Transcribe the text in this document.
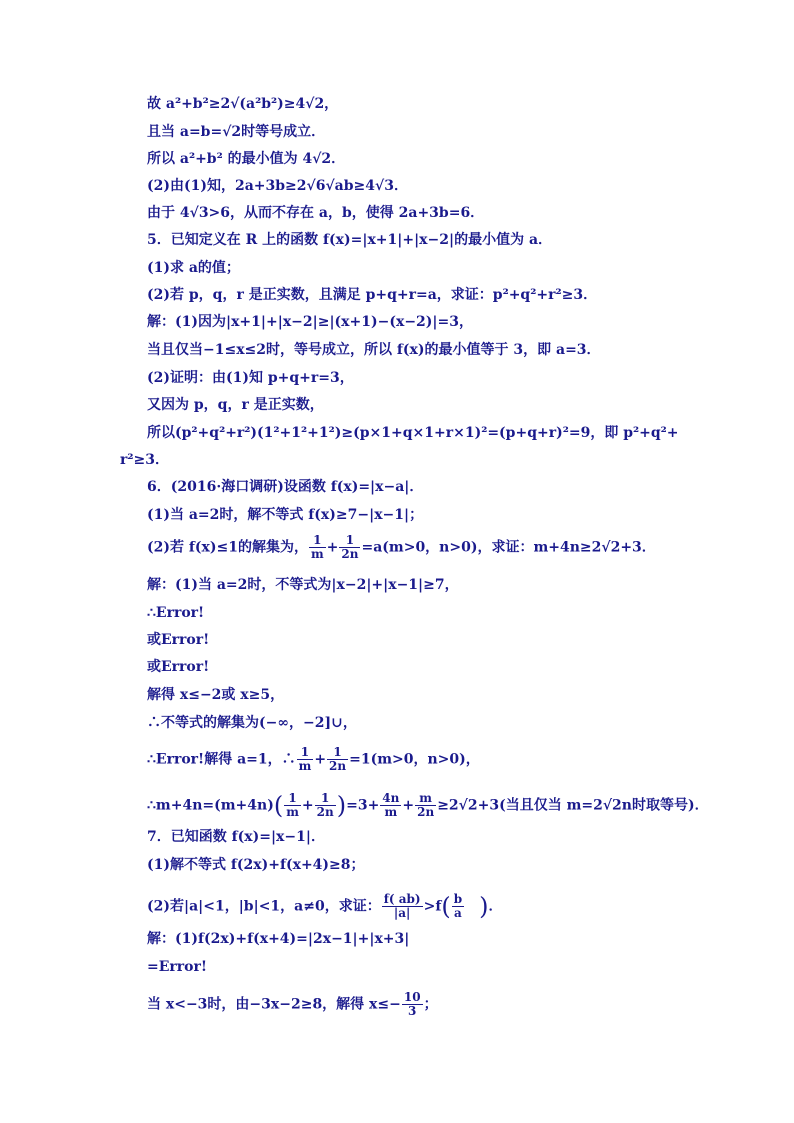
故 a²+b²≥2√(a²b²)≥4√2，
且当 a=b=√2时等号成立．
所以 a²+b² 的最小值为 4√2．
(2)由(1)知，2a+3b≥2√6√ab≥4√3．
由于 4√3>6，从而不存在 a，b，使得 2a+3b=6．
5．已知定义在 R 上的函数 f(x)=|x+1|+|x−2|的最小值为 a．
(1)求 a的值；
(2)若 p，q，r 是正实数，且满足 p+q+r=a，求证：p²+q²+r²≥3．
解：(1)因为|x+1|+|x−2|≥|(x+1)−(x−2)|=3，
当且仅当−1≤x≤2时，等号成立，所以 f(x)的最小值等于 3，即 a=3．
(2)证明：由(1)知 p+q+r=3，
又因为 p，q，r 是正实数，
所以(p²+q²+r²)(1²+1²+1²)≥(p×1+q×1+r×1)²=(p+q+r)²=9，即 p²+q²+
r²≥3．
6．(2016·海口调研)设函数 f(x)=|x−a|．
(1)当 a=2时，解不等式 f(x)≥7−|x−1|；
(2)若 f(x)≤1的解集为， $\frac{1}{m} + \frac{1}{2n} =a(m>0$，n>0)，求证：m+4n≥2√2+3．
解：(1)当 a=2时，不等式为|x−2|+|x−1|≥7，
∴Error!
或Error!
或Error!
解得 x≤−2或 x≥5，
∴不等式的解集为(−∞，−2]∪，
∴Error!解得 a=1，∴ $\frac{1}{m} + \frac{1}{2n} =1(m>0$，n>0)，
∴m+4n=(m+4n)( $\frac{1}{m} + \frac{1}{2n} )=3+ \frac{4n}{m} + \frac{m}{2n} \ge 2√2+3$(当且仅当 m=2√2n时取等号)．
7．已知函数 f(x)=|x−1|．
(1)解不等式 f(2x)+f(x+4)≥8；
(2)若|a|<1，|b|<1，a≠0，求证： $\frac{f( ab)}{|a|} >f( \frac{b}{a}$ )．
解：(1)f(2x)+f(x+4)=|2x−1|+|x+3|
=Error!
当 x<−3时，由−3x−2≥8，解得 $x\le- \frac{10}{3}$ ；
